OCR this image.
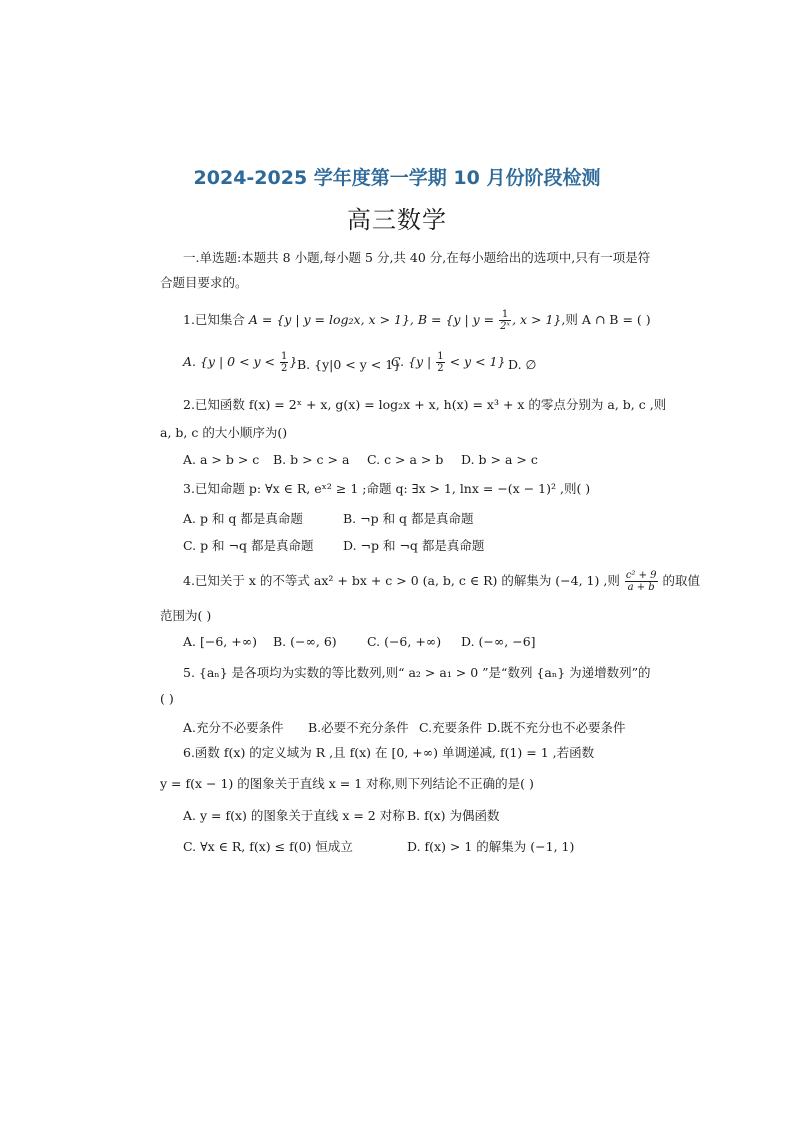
2024-2025 学年度第一学期 10 月份阶段检测
高三数学
一.单选题:本题共 8 小题,每小题 5 分,共 40 分,在每小题给出的选项中,只有一项是符
合题目要求的。
1.已知集合 A = {y | y = log₂x, x > 1}, B = {y | $y = \frac{1}{\text{2ˣ}}$ , x > 1},则 A ∩ B = ( )
A. {y | $0 < y < \frac{1}{2}$ } B. {y|0 < y < 1}
C. {y | $\frac{1}{2} < y < 1$} D. ∅
2.已知函数 f(x) = 2ˣ + x, g(x) = log₂x + x, h(x) = x³ + x 的零点分别为 a, b, c ,则
a, b, c 的大小顺序为()
A. a > b > c B. b > c > a C. c > a > b D. b > a > c
3.已知命题 p: ∀x ∈ R, eˣ² ≥ 1 ;命题 q: ∃x > 1, lnx = −(x − 1)² ,则( )
A. p 和 q 都是真命题	B. ¬p 和 q 都是真命题
C. p 和 ¬q 都是真命题 D. ¬p 和 ¬q 都是真命题
4.已知关于 x 的不等式 ax² + bx + c > 0 (a, b, c ∈ R) 的解集为 (−4, 1) ,则 $\frac{\text{c² + 9}}{a + b}$ 的取值
范围为( )
A. [−6, +∞) B. (−∞, 6) C. (−6, +∞) D. (−∞, −6]
5. {aₙ} 是各项均为实数的等比数列,则“ a₂ > a₁ > 0 ”是“数列 {aₙ} 为递增数列”的
( )
A.充分不必要条件 B.必要不充分条件 C.充要条件 D.既不充分也不必要条件
6.函数 f(x) 的定义域为 R ,且 f(x) 在 [0, +∞) 单调递减, f(1) = 1 ,若函数
y = f(x − 1) 的图象关于直线 x = 1 对称,则下列结论不正确的是( )
A. y = f(x) 的图象关于直线 x = 2 对称 B. f(x) 为偶函数
C. ∀x ∈ R, f(x) ≤ f(0) 恒成立	D. f(x) > 1 的解集为 (−1, 1)
